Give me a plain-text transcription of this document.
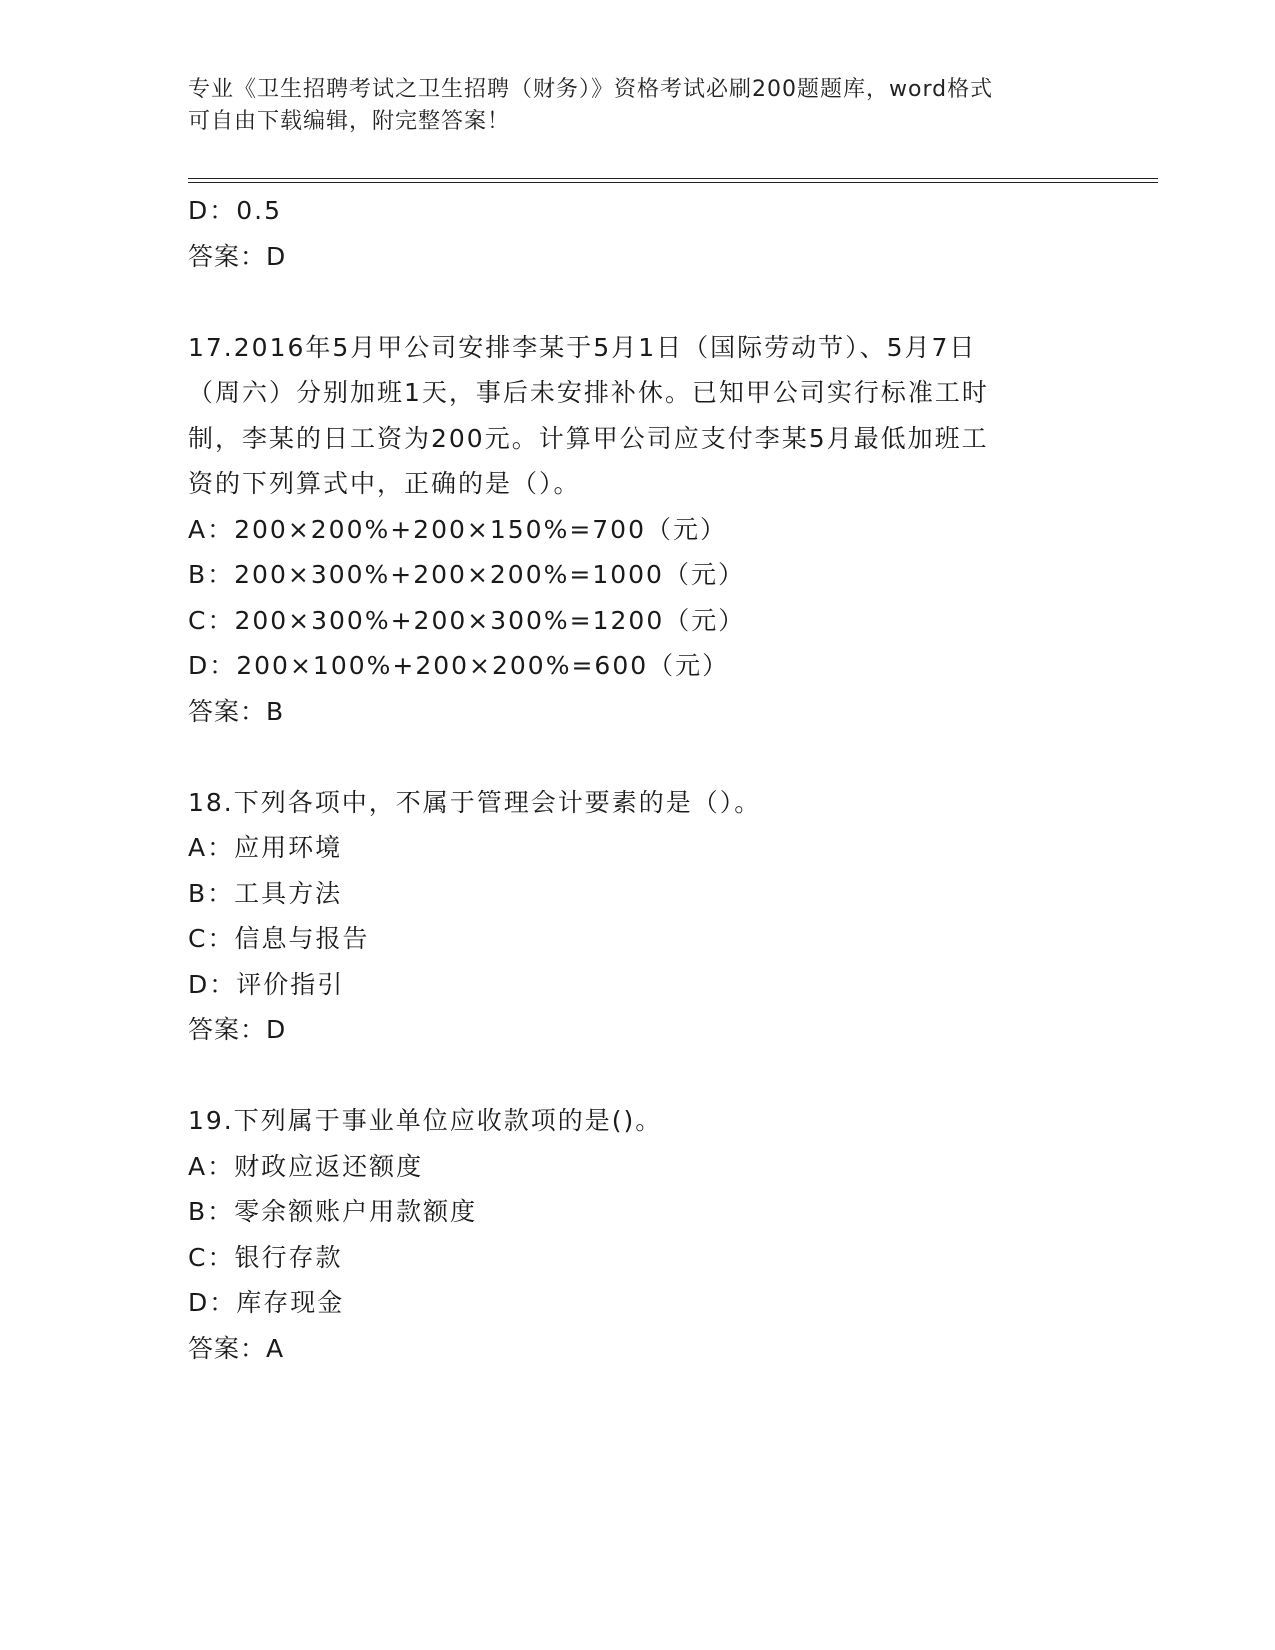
专业《卫生招聘考试之卫生招聘（财务）》资格考试必刷200题题库，word格式
可自由下载编辑，附完整答案！
D：0.5
答案：D
17.2016年5月甲公司安排李某于5月1日（国际劳动节）、5月7日
（周六）分别加班1天，事后未安排补休。已知甲公司实行标准工时
制，李某的日工资为200元。计算甲公司应支付李某5月最低加班工
资的下列算式中，正确的是（）。
A：200×200%+200×150%=700（元）
B：200×300%+200×200%=1000（元）
C：200×300%+200×300%=1200（元）
D：200×100%+200×200%=600（元）
答案：B
18.下列各项中，不属于管理会计要素的是（）。
A：应用环境
B：工具方法
C：信息与报告
D：评价指引
答案：D
19.下列属于事业单位应收款项的是()。
A：财政应返还额度
B：零余额账户用款额度
C：银行存款
D：库存现金
答案：A
